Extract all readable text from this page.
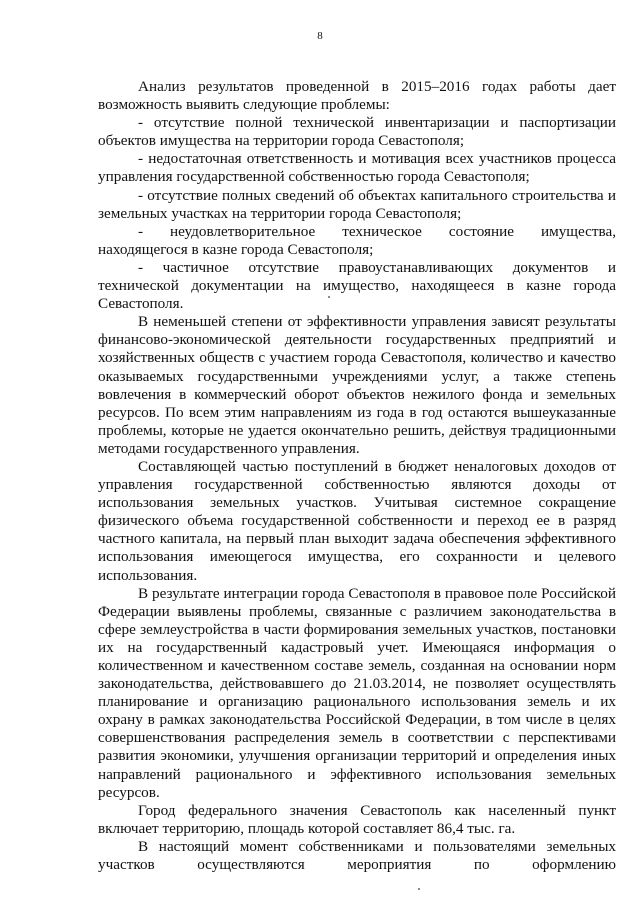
8

Анализ результатов проведенной в 2015–2016 годах работы дает возможность выявить следующие проблемы:

- отсутствие полной технической инвентаризации и паспортизации объектов имущества на территории города Севастополя;

- недостаточная ответственность и мотивация всех участников процесса управления государственной собственностью города Севастополя;

- отсутствие полных сведений об объектах капитального строительства и земельных участках на территории города Севастополя;

- неудовлетворительное техническое состояние имущества, находящегося в казне города Севастополя;

- частичное отсутствие правоустанавливающих документов и технической документации на имущество, находящееся в казне города Севастополя.

В неменьшей степени от эффективности управления зависят результаты финансово-экономической деятельности государственных предприятий и хозяйственных обществ с участием города Севастополя, количество и качество оказываемых государственными учреждениями услуг, а также степень вовлечения в коммерческий оборот объектов нежилого фонда и земельных ресурсов. По всем этим направлениям из года в год остаются вышеуказанные проблемы, которые не удается окончательно решить, действуя традиционными методами государственного управления.

Составляющей частью поступлений в бюджет неналоговых доходов от управления государственной собственностью являются доходы от использования земельных участков. Учитывая системное сокращение физического объема государственной собственности и переход ее в разряд частного капитала, на первый план выходит задача обеспечения эффективного использования имеющегося имущества, его сохранности и целевого использования.

В результате интеграции города Севастополя в правовое поле Российской Федерации выявлены проблемы, связанные с различием законодательства в сфере землеустройства в части формирования земельных участков, постановки их на государственный кадастровый учет. Имеющаяся информация о количественном и качественном составе земель, созданная на основании норм законодательства, действовавшего до 21.03.2014, не позволяет осуществлять планирование и организацию рационального использования земель и их охрану в рамках законодательства Российской Федерации, в том числе в целях совершенствования распределения земель в соответствии с перспективами развития экономики, улучшения организации территорий и определения иных направлений рационального и эффективного использования земельных ресурсов.

Город федерального значения Севастополь как населенный пункт включает территорию, площадь которой составляет 86,4 тыс. га.

В настоящий момент собственниками и пользователями земельных участков осуществляются мероприятия по оформлению
